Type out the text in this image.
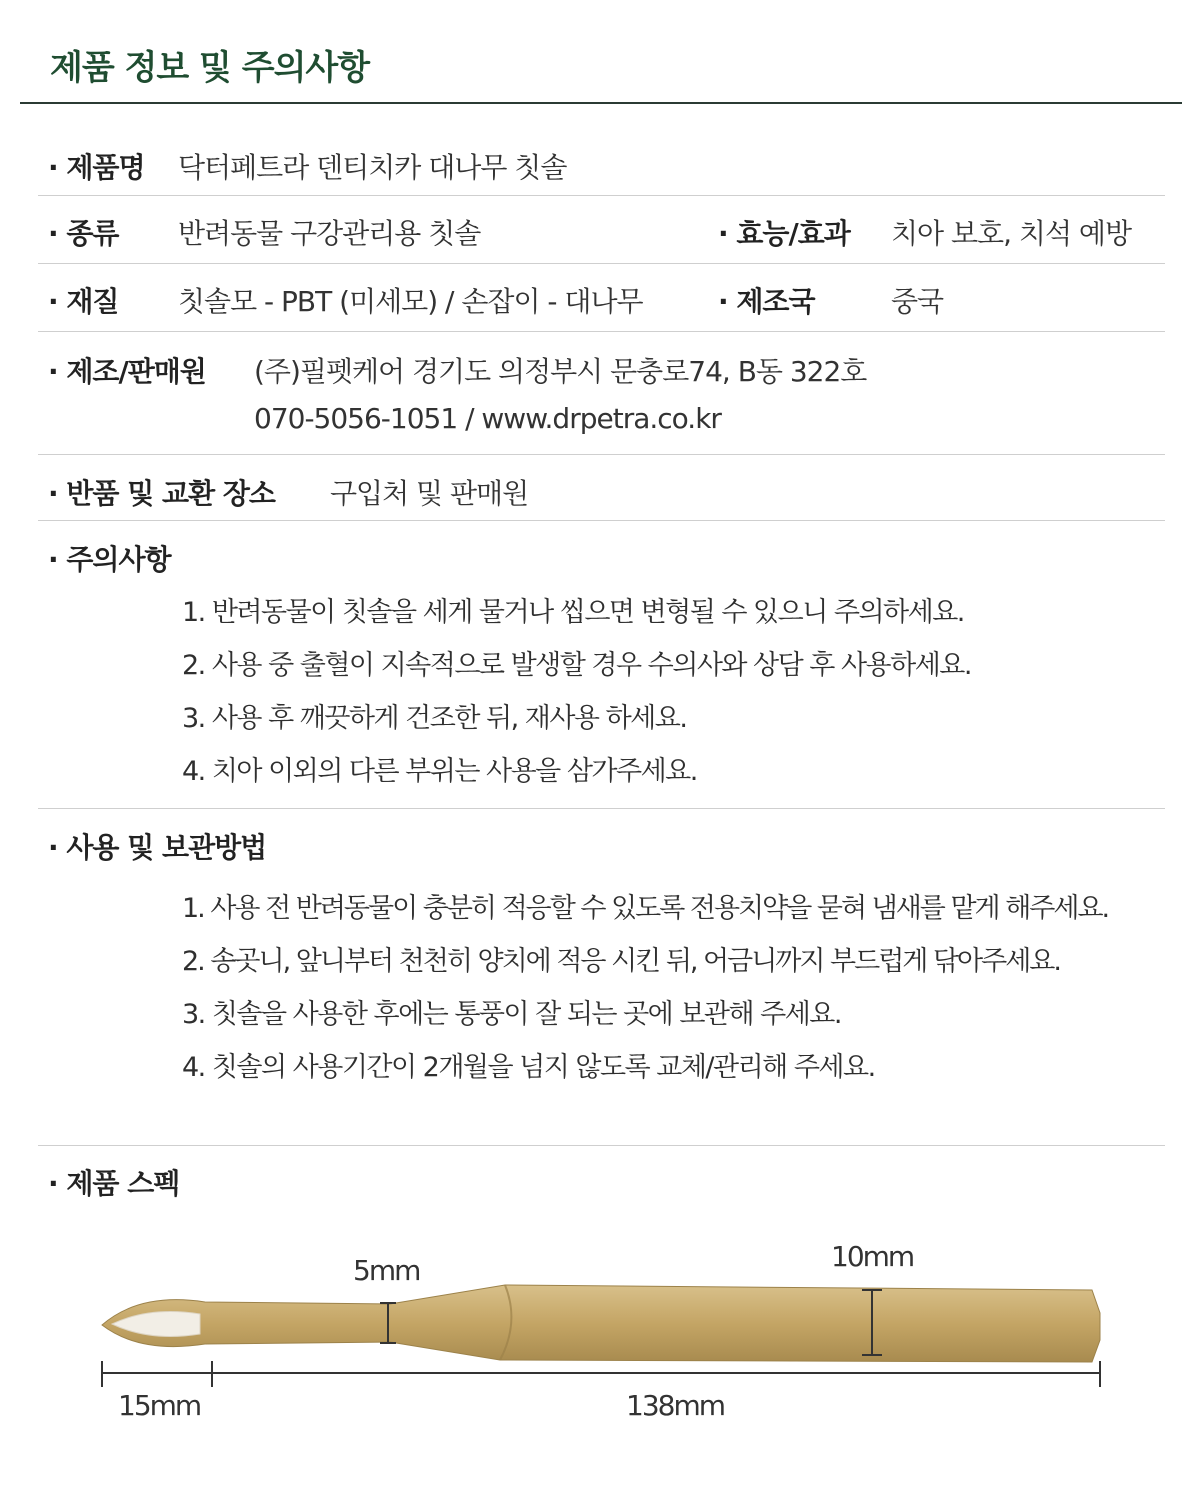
제품 정보 및 주의사항
· 제품명 닥터페트라 덴티치카 대나무 칫솔
· 종류 반려동물 구강관리용 칫솔	· 효능/효과 치아 보호, 치석 예방
· 재질 칫솔모 - PBT (미세모) / 손잡이 - 대나무	· 제조국	중국
· 제조/판매원 (주)필펫케어 경기도 의정부시 문충로74, B동 322호
070-5056-1051 / www.drpetra.co.kr
· 반품 및 교환 장소 구입처 및 판매원
· 주의사항
1. 반려동물이 칫솔을 세게 물거나 씹으면 변형될 수 있으니 주의하세요.
2. 사용 중 출혈이 지속적으로 발생할 경우 수의사와 상담 후 사용하세요.
3. 사용 후 깨끗하게 건조한 뒤, 재사용 하세요.
4. 치아 이외의 다른 부위는 사용을 삼가주세요.
· 사용 및 보관방법
1. 사용 전 반려동물이 충분히 적응할 수 있도록 전용치약을 묻혀 냄새를 맡게 해주세요.
2. 송곳니, 앞니부터 천천히 양치에 적응 시킨 뒤, 어금니까지 부드럽게 닦아주세요.
3. 칫솔을 사용한 후에는 통풍이 잘 되는 곳에 보관해 주세요.
4. 칫솔의 사용기간이 2개월을 넘지 않도록 교체/관리해 주세요.
· 제품 스펙
5mm	10mm
15mm	138mm
